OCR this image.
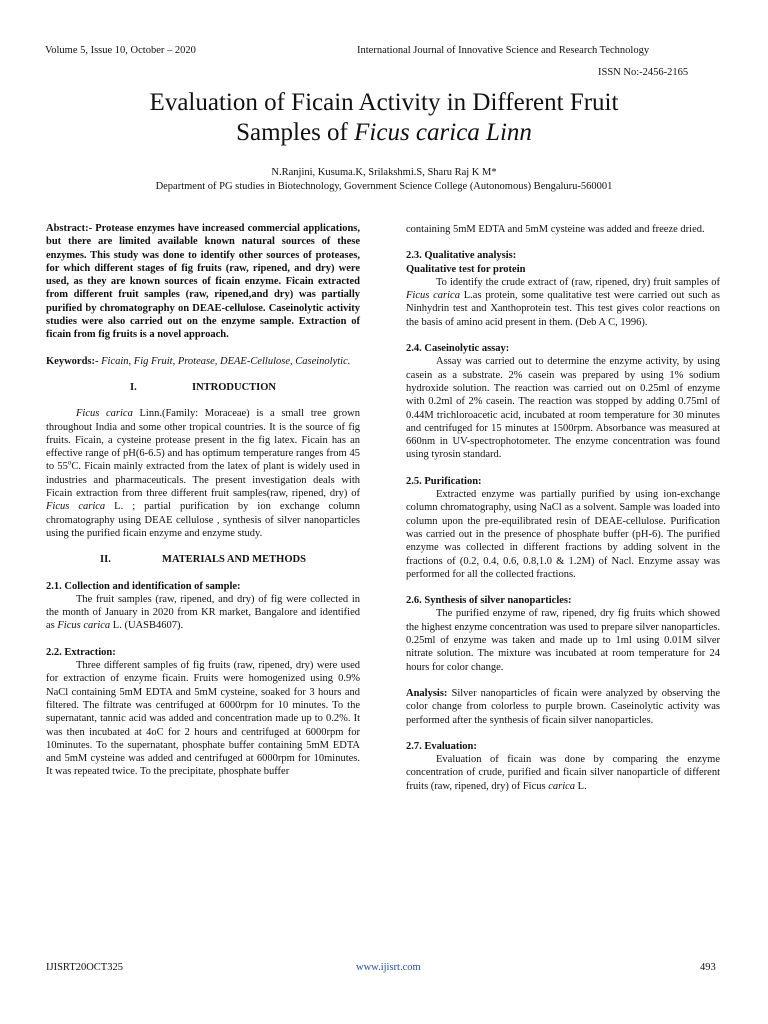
Volume 5, Issue 10, October – 2020	International Journal of Innovative Science and Research Technology
ISSN No:-2456-2165
Evaluation of Ficain Activity in Different Fruit
Samples of Ficus carica Linn
N.Ranjini, Kusuma.K, Srilakshmi.S, Sharu Raj K M*
Department of PG studies in Biotechnology, Government Science College (Autonomous) Bengaluru-560001

Abstract:- Protease enzymes have increased commercial applications, but there are limited available known natural sources of these enzymes. This study was done to identify other sources of proteases, for which different stages of fig fruits (raw, ripened, and dry) were used, as they are known sources of ficain enzyme. Ficain extracted from different fruit samples (raw, ripened,and dry) was partially purified by chromatography on DEAE-cellulose. Caseinolytic activity studies were also carried out on the enzyme sample. Extraction of ficain from fig fruits is a novel approach.

Keywords:- Ficain, Fig Fruit, Protease, DEAE-Cellulose, Caseinolytic.

I.	INTRODUCTION

Ficus carica Linn.(Family: Moraceae) is a small tree grown throughout India and some other tropical countries. It is the source of fig fruits. Ficain, a cysteine protease present in the fig latex. Ficain has an effective range of pH(6-6.5) and has optimum temperature ranges from 45 to 55$^o$C. Ficain mainly extracted from the latex of plant is widely used in industries and pharmaceuticals. The present investigation deals with Ficain extraction from three different fruit samples(raw, ripened, dry) of Ficus carica L. ; partial purification by ion exchange column chromatography using DEAE cellulose , synthesis of silver nanoparticles using the purified ficain enzyme and enzyme study.

II.	MATERIALS AND METHODS

2.1. Collection and identification of sample:

The fruit samples (raw, ripened, and dry) of fig were collected in the month of January in 2020 from KR market, Bangalore and identified as Ficus carica L. (UASB4607).

2.2. Extraction:

Three different samples of fig fruits (raw, ripened, dry) were used for extraction of enzyme ficain. Fruits were homogenized using 0.9% NaCl containing 5mM EDTA and 5mM cysteine, soaked for 3 hours and filtered. The filtrate was centrifuged at 6000rpm for 10 minutes. To the supernatant, tannic acid was added and concentration made up to 0.2%. It was then incubated at 4oC for 2 hours and centrifuged at 6000rpm for 10minutes. To the supernatant, phosphate buffer containing 5mM EDTA and 5mM cysteine was added and centrifuged at 6000rpm for 10minutes. It was repeated twice. To the precipitate, phosphate buffer

containing 5mM EDTA and 5mM cysteine was added and freeze dried.

2.3. Qualitative analysis:

Qualitative test for protein

To identify the crude extract of (raw, ripened, dry) fruit samples of Ficus carica L.as protein, some qualitative test were carried out such as Ninhydrin test and Xanthoprotein test. This test gives color reactions on the basis of amino acid present in them. (Deb A C, 1996).

2.4. Caseinolytic assay:

Assay was carried out to determine the enzyme activity, by using casein as a substrate. 2% casein was prepared by using 1% sodium hydroxide solution. The reaction was carried out on 0.25ml of enzyme with 0.2ml of 2% casein. The reaction was stopped by adding 0.75ml of 0.44M trichloroacetic acid, incubated at room temperature for 30 minutes and centrifuged for 15 minutes at 1500rpm. Absorbance was measured at 660nm in UV-spectrophotometer. The enzyme concentration was found using tyrosin standard.

2.5. Purification:

Extracted enzyme was partially purified by using ion-exchange column chromatography, using NaCl as a solvent. Sample was loaded into column upon the pre-equilibrated resin of DEAE-cellulose. Purification was carried out in the presence of phosphate buffer (pH-6). The purified enzyme was collected in different fractions by adding solvent in the fractions of (0.2, 0.4, 0.6, 0.8,1.0 & 1.2M) of Nacl. Enzyme assay was performed for all the collected fractions.

2.6. Synthesis of silver nanoparticles:

The purified enzyme of raw, ripened, dry fig fruits which showed the highest enzyme concentration was used to prepare silver nanoparticles. 0.25ml of enzyme was taken and made up to 1ml using 0.01M silver nitrate solution. The mixture was incubated at room temperature for 24 hours for color change.

Analysis: Silver nanoparticles of ficain were analyzed by observing the color change from colorless to purple brown. Caseinolytic activity was performed after the synthesis of ficain silver nanoparticles.

2.7. Evaluation:

Evaluation of ficain was done by comparing the enzyme concentration of crude, purified and ficain silver nanoparticle of different fruits (raw, ripened, dry) of Ficus carica L.

IJISRT20OCT325	www.ijisrt.com	493
